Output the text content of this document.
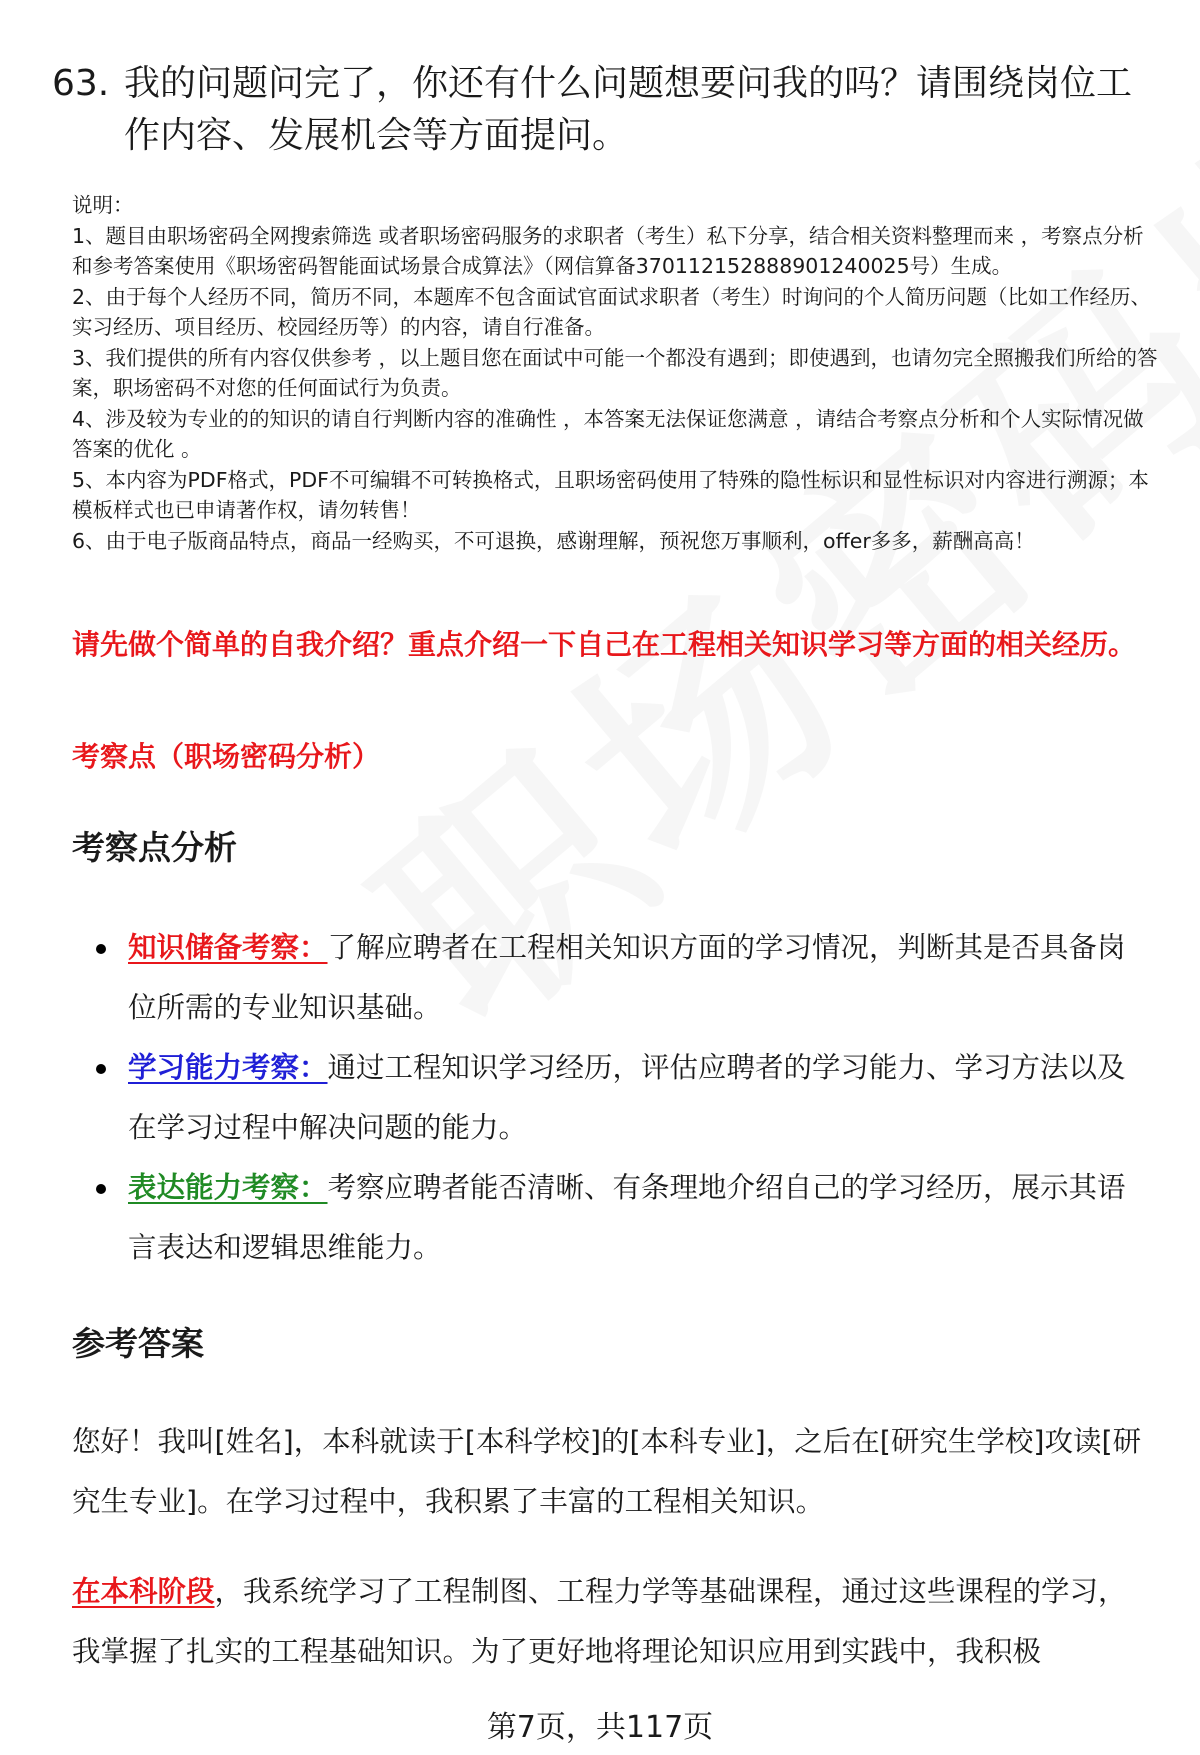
63. 我的问题问完了，你还有什么问题想要问我的吗？请围绕岗位工作内容、发展机会等方面提问。

说明：

1、题目由职场密码全网搜索筛选 或者职场密码服务的求职者（考生）私下分享，结合相关资料整理而来 ，考察点分析和参考答案使用《职场密码智能面试场景合成算法》（网信算备370112152888901240025号）生成。

2、由于每个人经历不同，简历不同，本题库不包含面试官面试求职者（考生）时询问的个人简历问题（比如工作经历、实习经历、项目经历、校园经历等）的内容，请自行准备。

3、我们提供的所有内容仅供参考 ，以上题目您在面试中可能一个都没有遇到；即使遇到，也请勿完全照搬我们所给的答案，职场密码不对您的任何面试行为负责。

4、涉及较为专业的的知识的请自行判断内容的准确性 ，本答案无法保证您满意 ，请结合考察点分析和个人实际情况做答案的优化 。

5、本内容为PDF格式，PDF不可编辑不可转换格式，且职场密码使用了特殊的隐性标识和显性标识对内容进行溯源；本模板样式也已申请著作权，请勿转售！

6、由于电子版商品特点，商品一经购买，不可退换，感谢理解，预祝您万事顺利，offer多多，薪酬高高！

请先做个简单的自我介绍？重点介绍一下自己在工程相关知识学习等方面的相关经历。
考察点（职场密码分析）
考察点分析
知识储备考察：了解应聘者在工程相关知识方面的学习情况，判断其是否具备岗位所需的专业知识基础。
学习能力考察：通过工程知识学习经历，评估应聘者的学习能力、学习方法以及在学习过程中解决问题的能力。
表达能力考察：考察应聘者能否清晰、有条理地介绍自己的学习经历，展示其语言表达和逻辑思维能力。
参考答案
您好！我叫[姓名]，本科就读于[本科学校]的[本科专业]，之后在[研究生学校]攻读[研究生专业]。在学习过程中，我积累了丰富的工程相关知识。
在本科阶段，我系统学习了工程制图、工程力学等基础课程，通过这些课程的学习，我掌握了扎实的工程基础知识。为了更好地将理论知识应用到实践中，我积极
第7页，共117页
